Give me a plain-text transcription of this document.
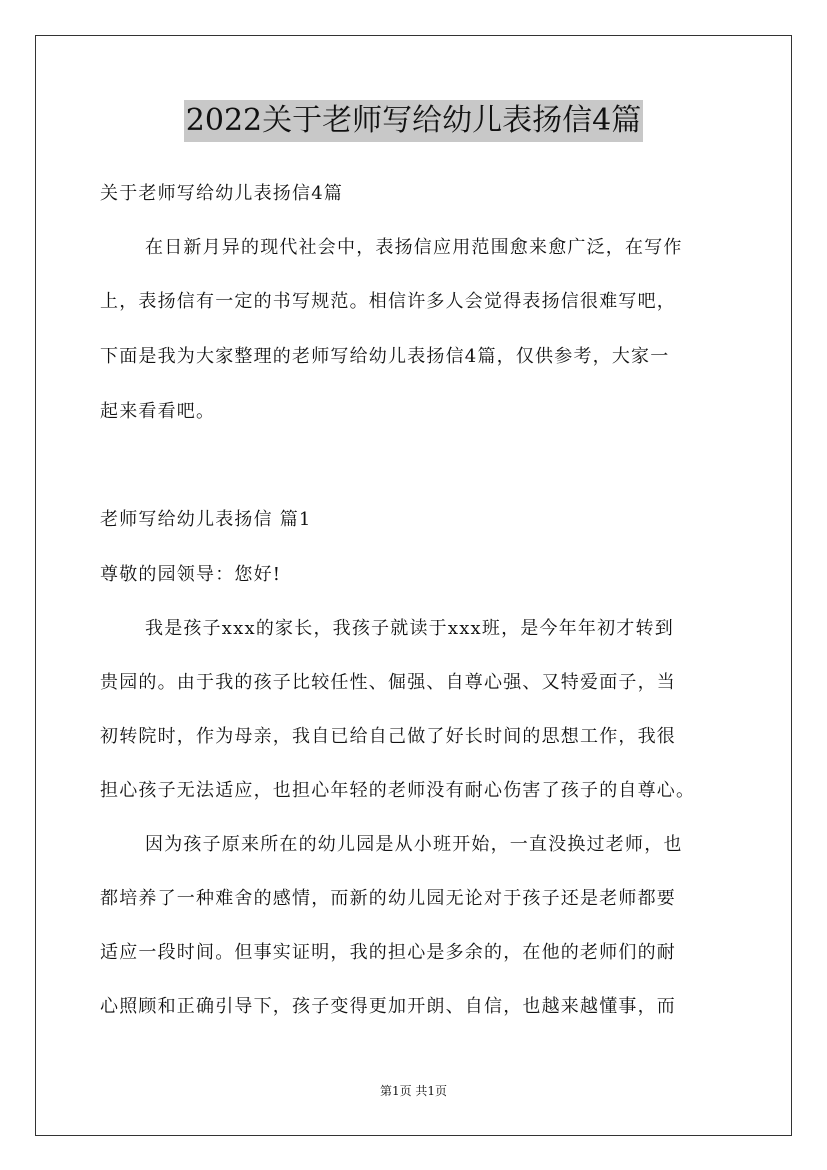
2022关于老师写给幼儿表扬信4篇
关于老师写给幼儿表扬信4篇
在日新月异的现代社会中，表扬信应用范围愈来愈广泛，在写作
上，表扬信有一定的书写规范。相信许多人会觉得表扬信很难写吧，
下面是我为大家整理的老师写给幼儿表扬信4篇，仅供参考，大家一
起来看看吧。
老师写给幼儿表扬信 篇1
尊敬的园领导：您好!
我是孩子xxx的家长，我孩子就读于xxx班，是今年年初才转到
贵园的。由于我的孩子比较任性、倔强、自尊心强、又特爱面子，当
初转院时，作为母亲，我自已给自己做了好长时间的思想工作，我很
担心孩子无法适应，也担心年轻的老师没有耐心伤害了孩子的自尊心。
因为孩子原来所在的幼儿园是从小班开始，一直没换过老师，也
都培养了一种难舍的感情，而新的幼儿园无论对于孩子还是老师都要
适应一段时间。但事实证明，我的担心是多余的，在他的老师们的耐
心照顾和正确引导下，孩子变得更加开朗、自信，也越来越懂事，而
第1页 共1页
